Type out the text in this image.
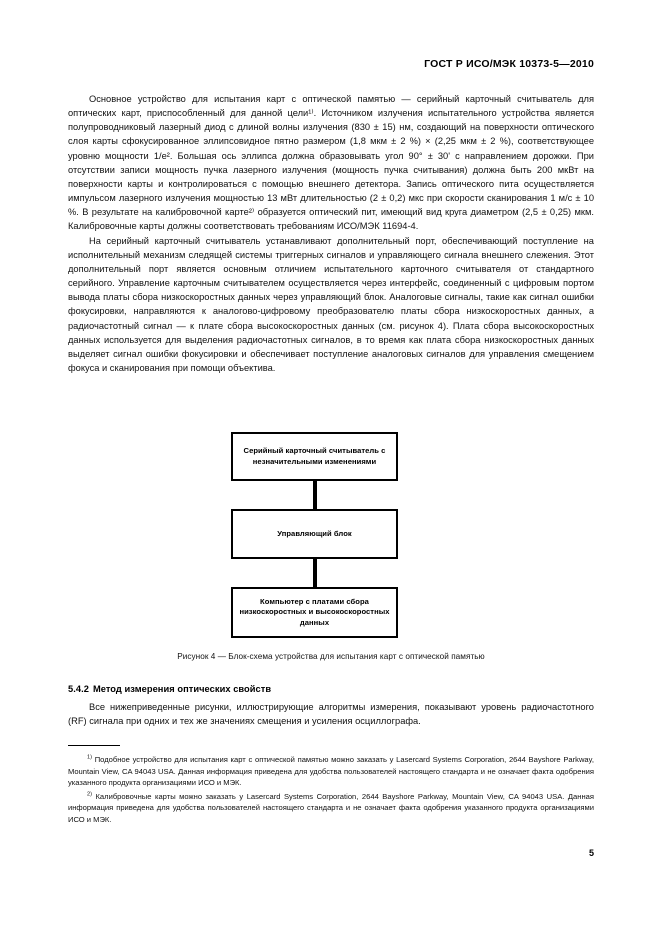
ГОСТ Р ИСО/МЭК 10373-5—2010

Основное устройство для испытания карт с оптической памятью — серийный карточный считыватель для оптических карт, приспособленный для данной цели¹⁾. Источником излучения испытательного устройства является полупроводниковый лазерный диод с длиной волны излучения (830 ± 15) нм, создающий на поверхности оптического слоя карты сфокусированное эллипсовидное пятно размером (1,8 мкм ± 2 %) × (2,25 мкм ± 2 %), соответствующее уровню мощности 1/e². Большая ось эллипса должна образовывать угол 90° ± 30' с направлением дорожки. При отсутствии записи мощность пучка лазерного излучения (мощность пучка считывания) должна быть 200 мкВт на поверхности карты и контролироваться с помощью внешнего детектора. Запись оптического пита осуществляется импульсом лазерного излучения мощностью 13 мВт длительностью (2 ± 0,2) мкс при скорости сканирования 1 м/с ± 10 %. В результате на калибровочной карте²⁾ образуется оптический пит, имеющий вид круга диаметром (2,5 ± 0,25) мкм. Калибровочные карты должны соответствовать требованиям ИСО/МЭК 11694-4.

На серийный карточный считыватель устанавливают дополнительный порт, обеспечивающий поступление на исполнительный механизм следящей системы триггерных сигналов и управляющего сигнала внешнего слежения. Этот дополнительный порт является основным отличием испытательного карточного считывателя от стандартного серийного. Управление карточным считывателем осуществляется через интерфейс, соединенный с цифровым портом вывода платы сбора низкоскоростных данных через управляющий блок. Аналоговые сигналы, такие как сигнал ошибки фокусировки, направляются к аналогово-цифровому преобразователю платы сбора низкоскоростных данных, а радиочастотный сигнал — к плате сбора высокоскоростных данных (см. рисунок 4). Плата сбора высокоскоростных данных используется для выделения радиочастотных сигналов, в то время как плата сбора низкоскоростных данных выделяет сигнал ошибки фокусировки и обеспечивает поступление аналоговых сигналов для управления смещением фокуса и сканирования при помощи объектива.

Серийный карточный считыватель с незначительными изменениями
Управляющий блок
Компьютер с платами сбора низкоскоростных и высокоскоростных данных
Рисунок 4 — Блок-схема устройства для испытания карт с оптической памятью
5.4.2 Метод измерения оптических свойств

Все нижеприведенные рисунки, иллюстрирующие алгоритмы измерения, показывают уровень радиочастотного (RF) сигнала при одних и тех же значениях смещения и усиления осциллографа.

$^{1)}$ Подобное устройство для испытания карт с оптической памятью можно заказать у Lasercard Systems Corporation, 2644 Bayshore Parkway, Mountain View, CA 94043 USA. Данная информация приведена для удобства пользователей настоящего стандарта и не означает факта одобрения указанного продукта организациями ИСО и МЭК.

$^{2)}$ Калибровочные карты можно заказать у Lasercard Systems Corporation, 2644 Bayshore Parkway, Mountain View, CA 94043 USA. Данная информация приведена для удобства пользователей настоящего стандарта и не означает факта одобрения указанного продукта организациями ИСО и МЭК.

5
